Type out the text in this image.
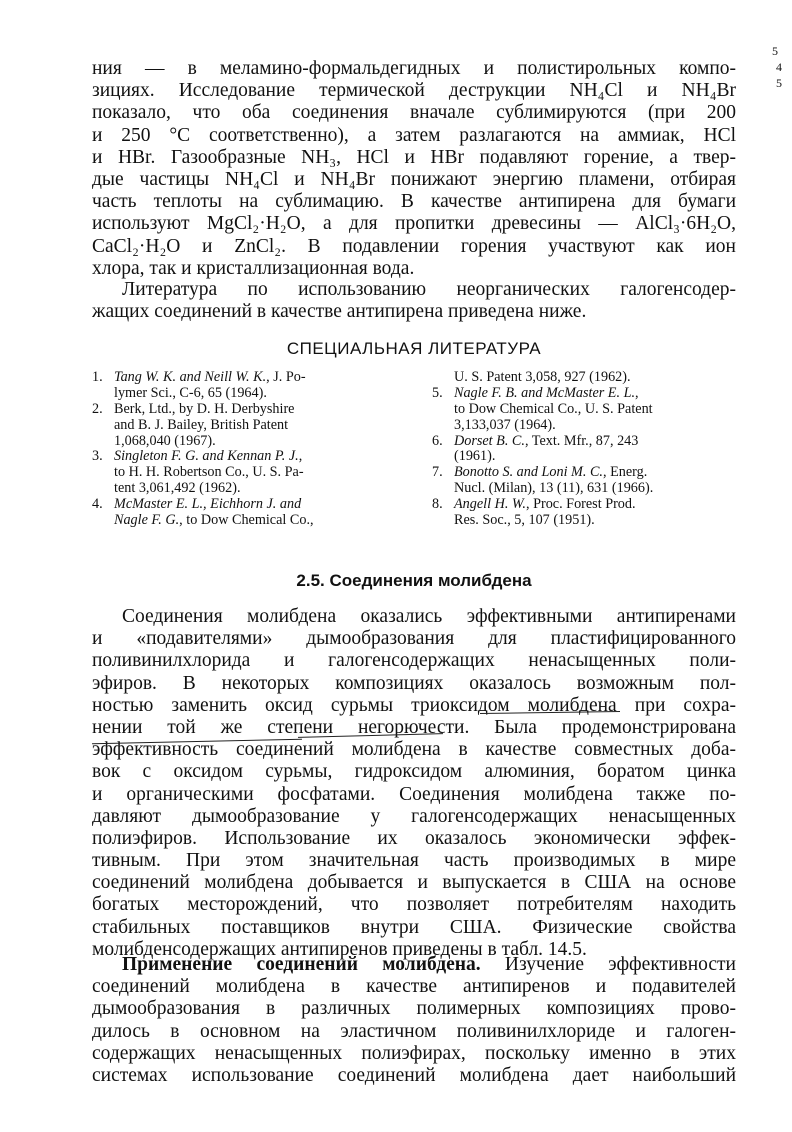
5
4
5
ния — в меламино-формальдегидных и полистирольных компо-
зициях. Исследование термической деструкции NH₄Cl и NH₄Br
показало, что оба соединения вначале сублимируются (при 200
и 250 °C соответственно), а затем разлагаются на аммиак, HCl
и HBr. Газообразные NH₃, HCl и HBr подавляют горение, а твер-
дые частицы NH₄Cl и NH₄Br понижают энергию пламени, отбирая
часть теплоты на сублимацию. В качестве антипирена для бумаги
используют MgCl₂·H₂O, а для пропитки древесины — AlCl₃·6H₂O,
CaCl₂·H₂O и ZnCl₂. В подавлении горения участвуют как ион
хлора, так и кристаллизационная вода.
Литература по использованию неорганических галогенсодер-
жащих соединений в качестве антипирена приведена ниже.
СПЕЦИАЛЬНАЯ ЛИТЕРАТУРА
1. Tang W. K. and Neill W. K., J. Po-
lymer Sci., C-6, 65 (1964).
2. Berk, Ltd., by D. H. Derbyshire
and B. J. Bailey, British Patent
1,068,040 (1967).
3. Singleton F. G. and Kennan P. J.,
to H. H. Robertson Co., U. S. Pa-
tent 3,061,492 (1962).
4. McMaster E. L., Eichhorn J. and
Nagle F. G., to Dow Chemical Co.,
U. S. Patent 3,058, 927 (1962).
5. Nagle F. B. and McMaster E. L.,
to Dow Chemical Co., U. S. Patent
3,133,037 (1964).
6. Dorset B. C., Text. Mfr., 87, 243
(1961).
7. Bonotto S. and Loni M. C., Energ.
Nucl. (Milan), 13 (11), 631 (1966).
8. Angell H. W., Proc. Forest Prod.
Res. Soc., 5, 107 (1951).
2.5. Соединения молибдена
Соединения молибдена оказались эффективными антипиренами
и «подавителями» дымообразования для пластифицированного
поливинилхлорида и галогенсодержащих ненасыщенных поли-
эфиров. В некоторых композициях оказалось возможным пол-
ностью заменить оксид сурьмы триоксидом молибдена при сохра-
нении той же степени негорючести. Была продемонстрирована
эффективность соединений молибдена в качестве совместных доба-
вок с оксидом сурьмы, гидроксидом алюминия, боратом цинка
и органическими фосфатами. Соединения молибдена также по-
давляют дымообразование у галогенсодержащих ненасыщенных
полиэфиров. Использование их оказалось экономически эффек-
тивным. При этом значительная часть производимых в мире
соединений молибдена добывается и выпускается в США на основе
богатых месторождений, что позволяет потребителям находить
стабильных поставщиков внутри США. Физические свойства
молибденсодержащих антипиренов приведены в табл. 14.5.
Применение соединений молибдена. Изучение эффективности
соединений молибдена в качестве антипиренов и подавителей
дымообразования в различных полимерных композициях прово-
дилось в основном на эластичном поливинилхлориде и галоген-
содержащих ненасыщенных полиэфирах, поскольку именно в этих
системах использование соединений молибдена дает наибольший
